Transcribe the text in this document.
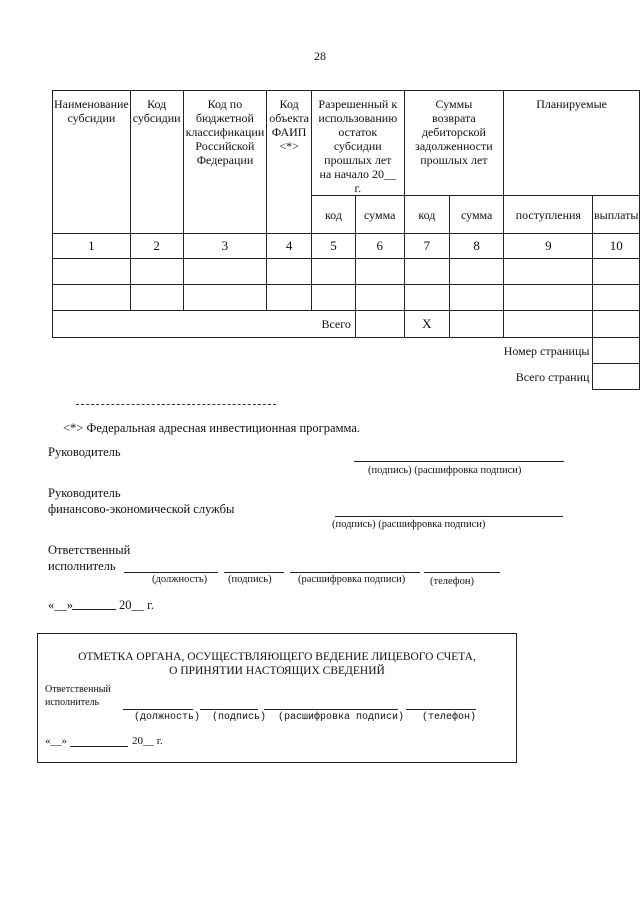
28
Наименование субсидии	Код субсидии	Код по бюджетной классификации Российской Федерации	Код объекта ФАИП <*>	Разрешенный к использованию остаток субсидии прошлых лет на начало 20__ г.		Суммы возврата дебиторской задолженности прошлых лет		Планируемые	

				код	сумма	код	сумма	поступления	выплаты
1	2	3	4	5	6	7	8	9	10

Всего						X			
								Номер страницы	
								Всего страниц	
<*> Федеральная адресная инвестиционная программа.
Руководитель
(подпись) (расшифровка подписи)
Руководитель
финансово-экономической службы
(подпись) (расшифровка подписи)
Ответственный
исполнитель
(должность) (подпись)	(расшифровка подписи) (телефон)
«__»	20__ г.
ОТМЕТКА ОРГАНА, ОСУЩЕСТВЛЯЮЩЕГО ВЕДЕНИЕ ЛИЦЕВОГО СЧЕТА,
О ПРИНЯТИИ НАСТОЯЩИХ СВЕДЕНИЙ
Ответственный
исполнитель
(должность)  (подпись)  (расшифровка подписи)   (телефон)
«__»	20__ г.
